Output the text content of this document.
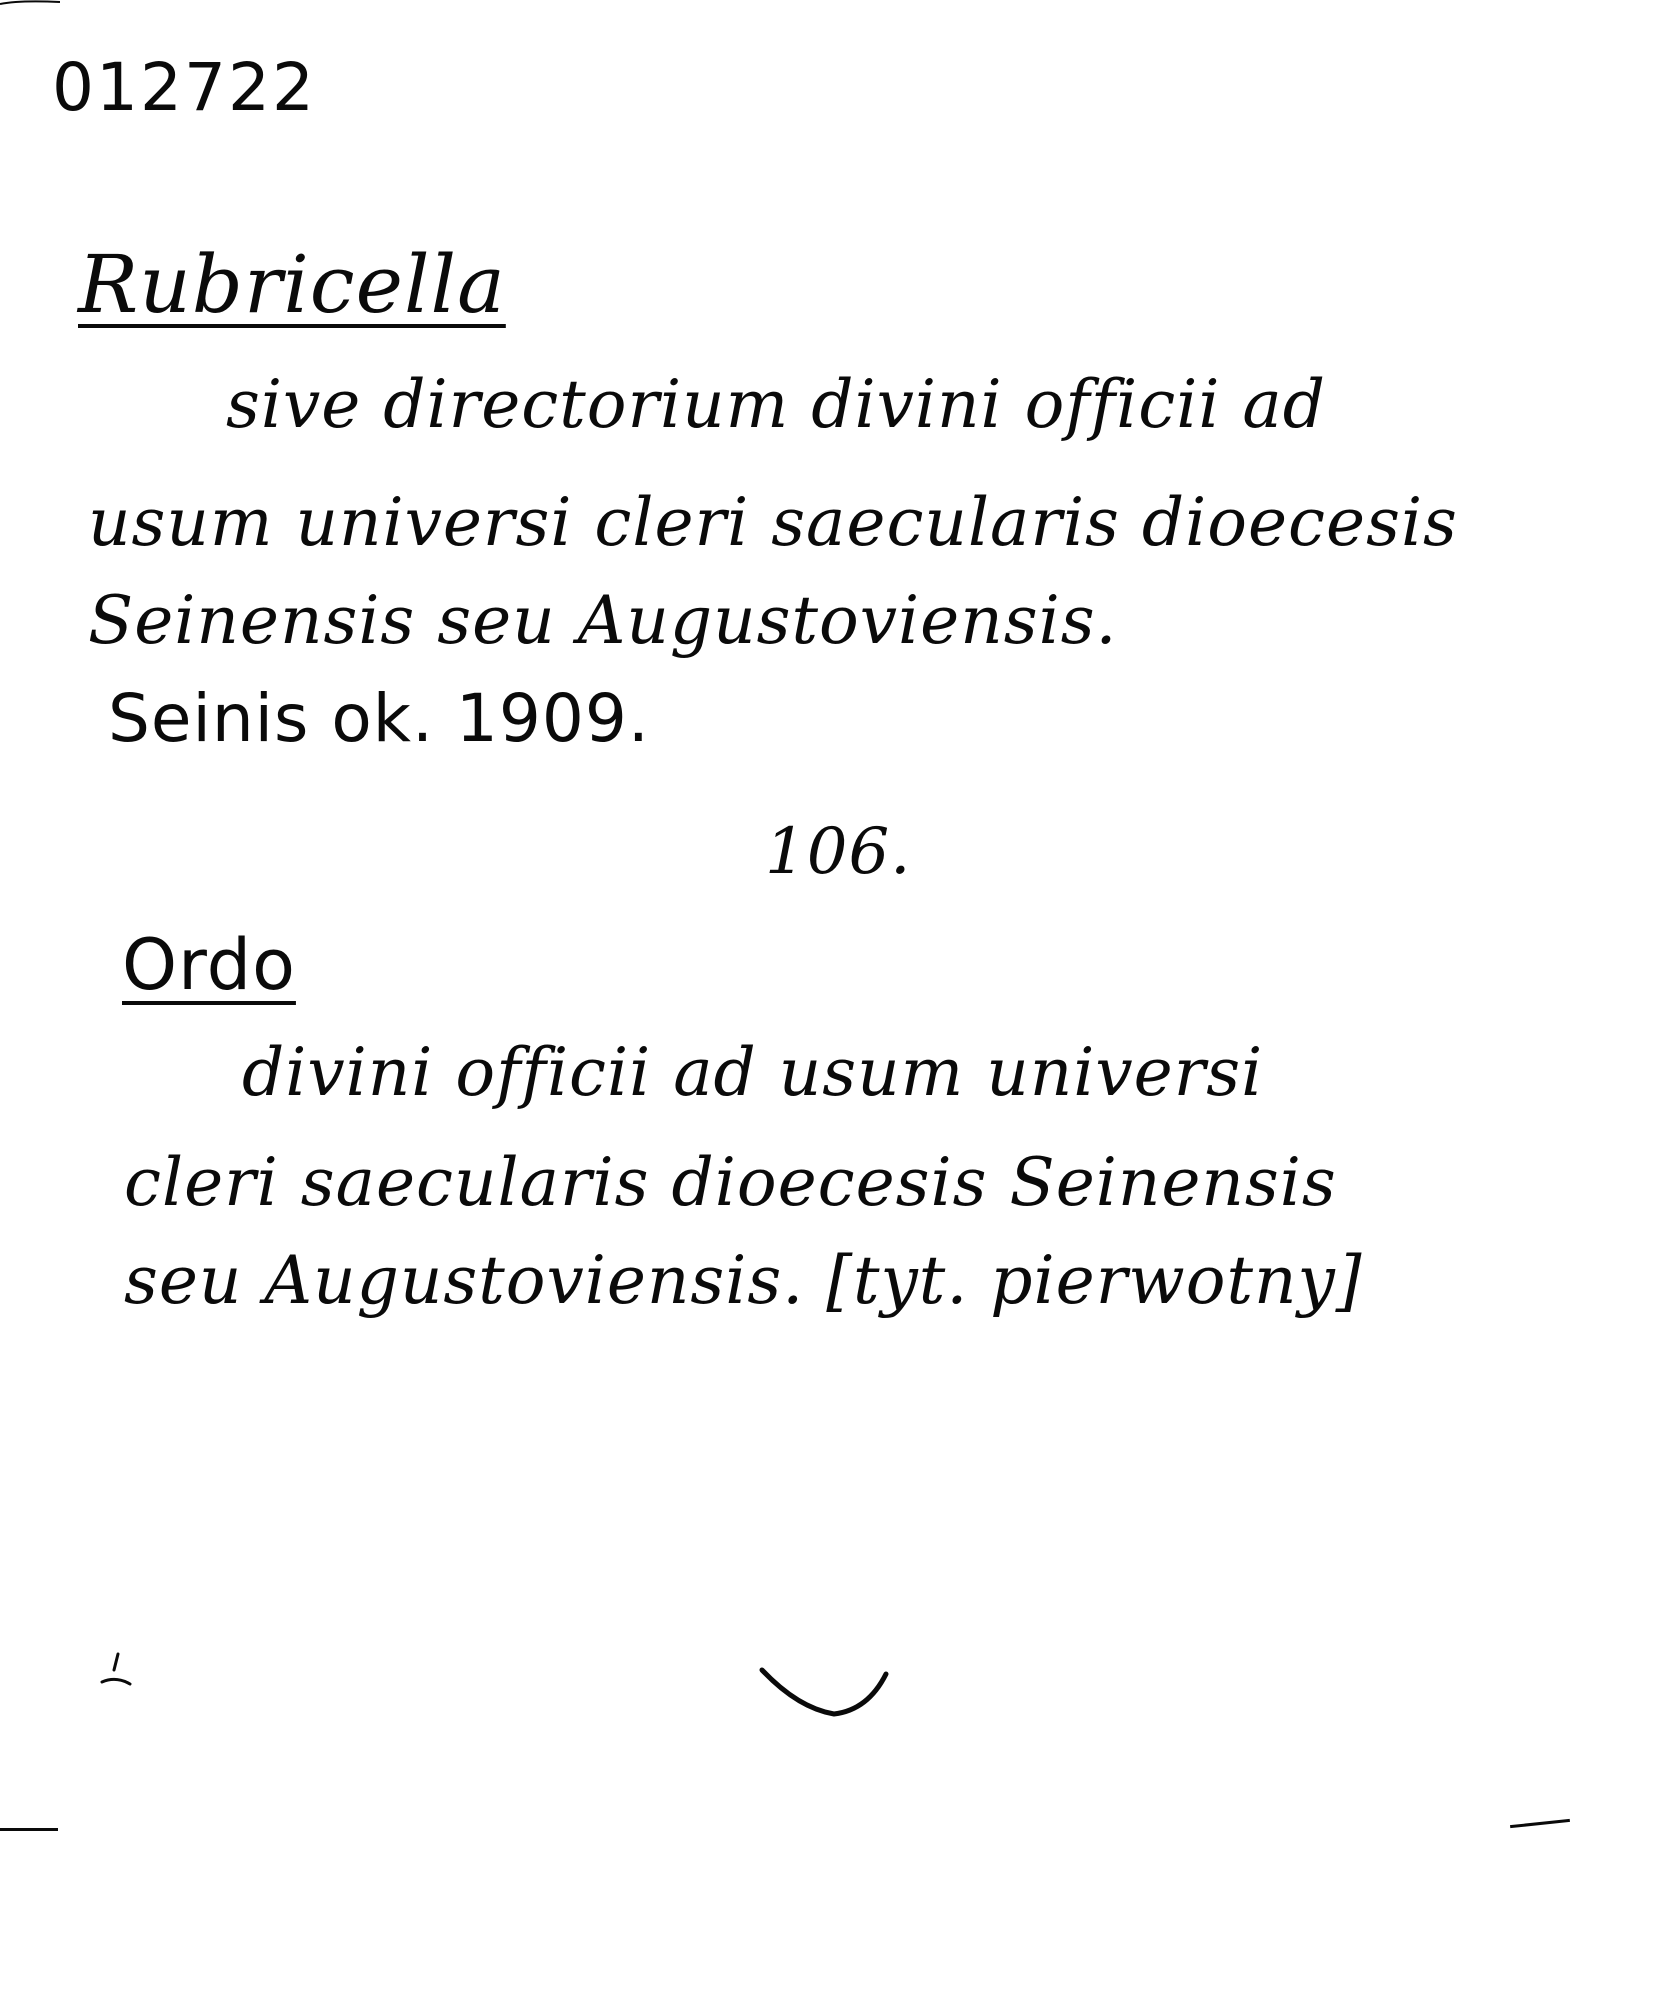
012722
Rubricella
sive directorium divini officii ad
usum universi cleri saecularis dioecesis
Seinensis seu Augustoviensis.
Seinis ok. 1909.
106.
Ordo
divini officii ad usum universi
cleri saecularis dioecesis Seinensis
seu Augustoviensis. [tyt. pierwotny]
